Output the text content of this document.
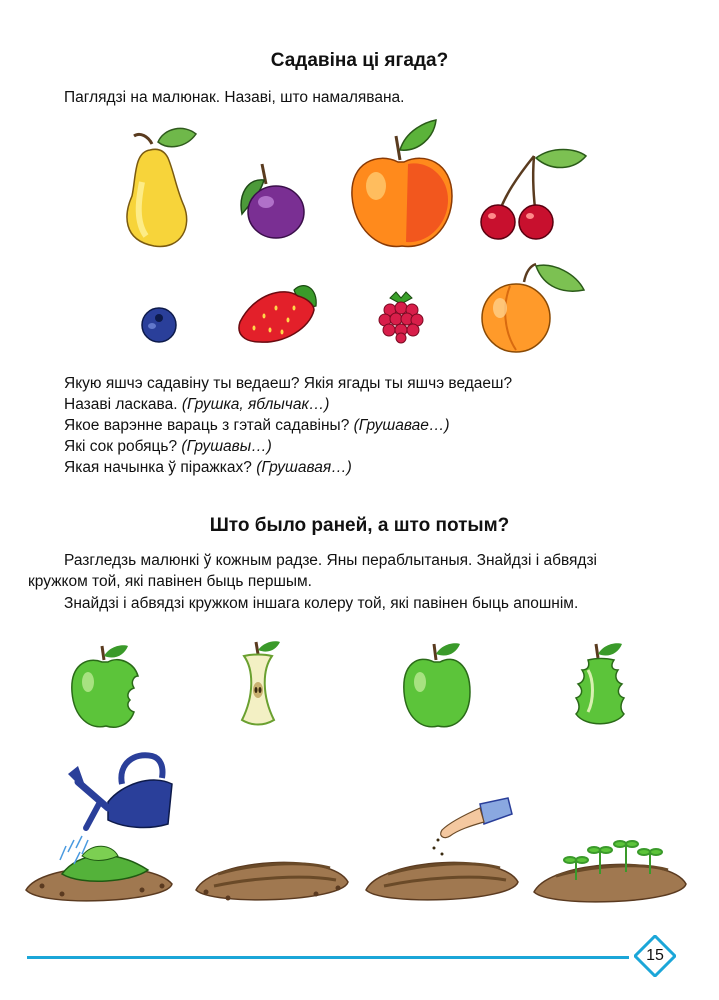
Садавіна ці ягада?
Паглядзі на малюнак. Назаві, што намалявана.
Якую яшчэ садавіну ты ведаеш? Якія ягады ты яшчэ ведаеш?
Назаві ласкава. (Грушка, яблычак…)
Якое варэнне вараць з гэтай садавіны? (Грушавае…)
Які сок робяць? (Грушавы…)
Якая начынка ў піражках? (Грушавая…)
Што было раней, а што потым?
Разгледзь малюнкі ў кожным радзе. Яны пераблытаныя. Знайдзі і абвядзі
кружком той, які павінен быць першым.
Знайдзі і абвядзі кружком іншага колеру той, які павінен быць апошнім.
15
